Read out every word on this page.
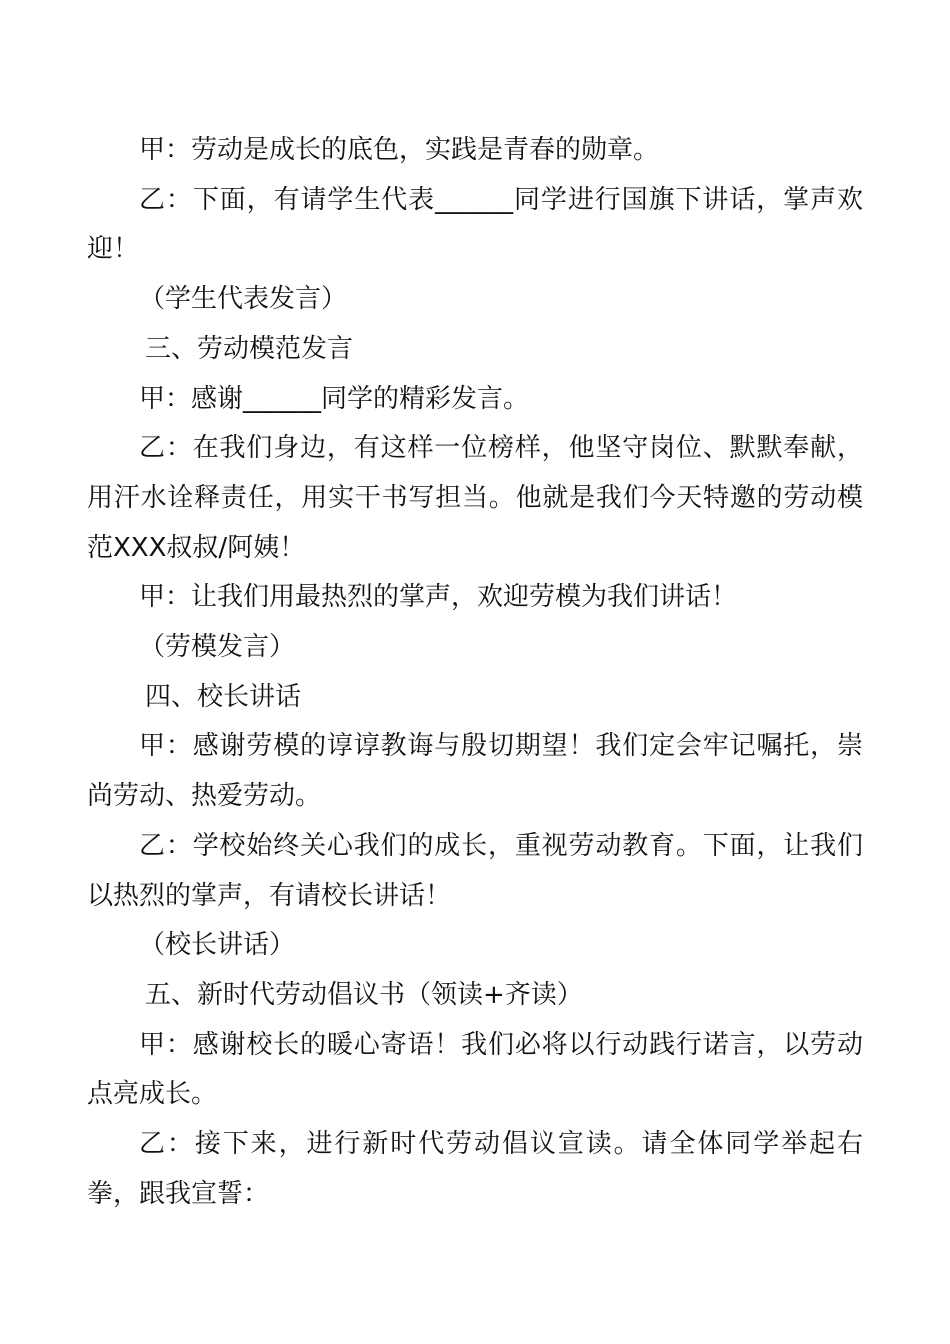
甲：劳动是成长的底色，实践是青春的勋章。

乙：下面，有请学生代表______同学进行国旗下讲话，掌声欢迎！

（学生代表发言）

三、劳动模范发言

甲：感谢______同学的精彩发言。

乙：在我们身边，有这样一位榜样，他坚守岗位、默默奉献，用汗水诠释责任，用实干书写担当。他就是我们今天特邀的劳动模范XXX叔叔/阿姨！

甲：让我们用最热烈的掌声，欢迎劳模为我们讲话！

（劳模发言）

四、校长讲话

甲：感谢劳模的谆谆教诲与殷切期望！我们定会牢记嘱托，崇尚劳动、热爱劳动。

乙：学校始终关心我们的成长，重视劳动教育。下面，让我们以热烈的掌声，有请校长讲话！

（校长讲话）

五、新时代劳动倡议书（领读+齐读）

甲：感谢校长的暖心寄语！我们必将以行动践行诺言，以劳动点亮成长。

乙：接下来，进行新时代劳动倡议宣读。请全体同学举起右拳，跟我宣誓：
